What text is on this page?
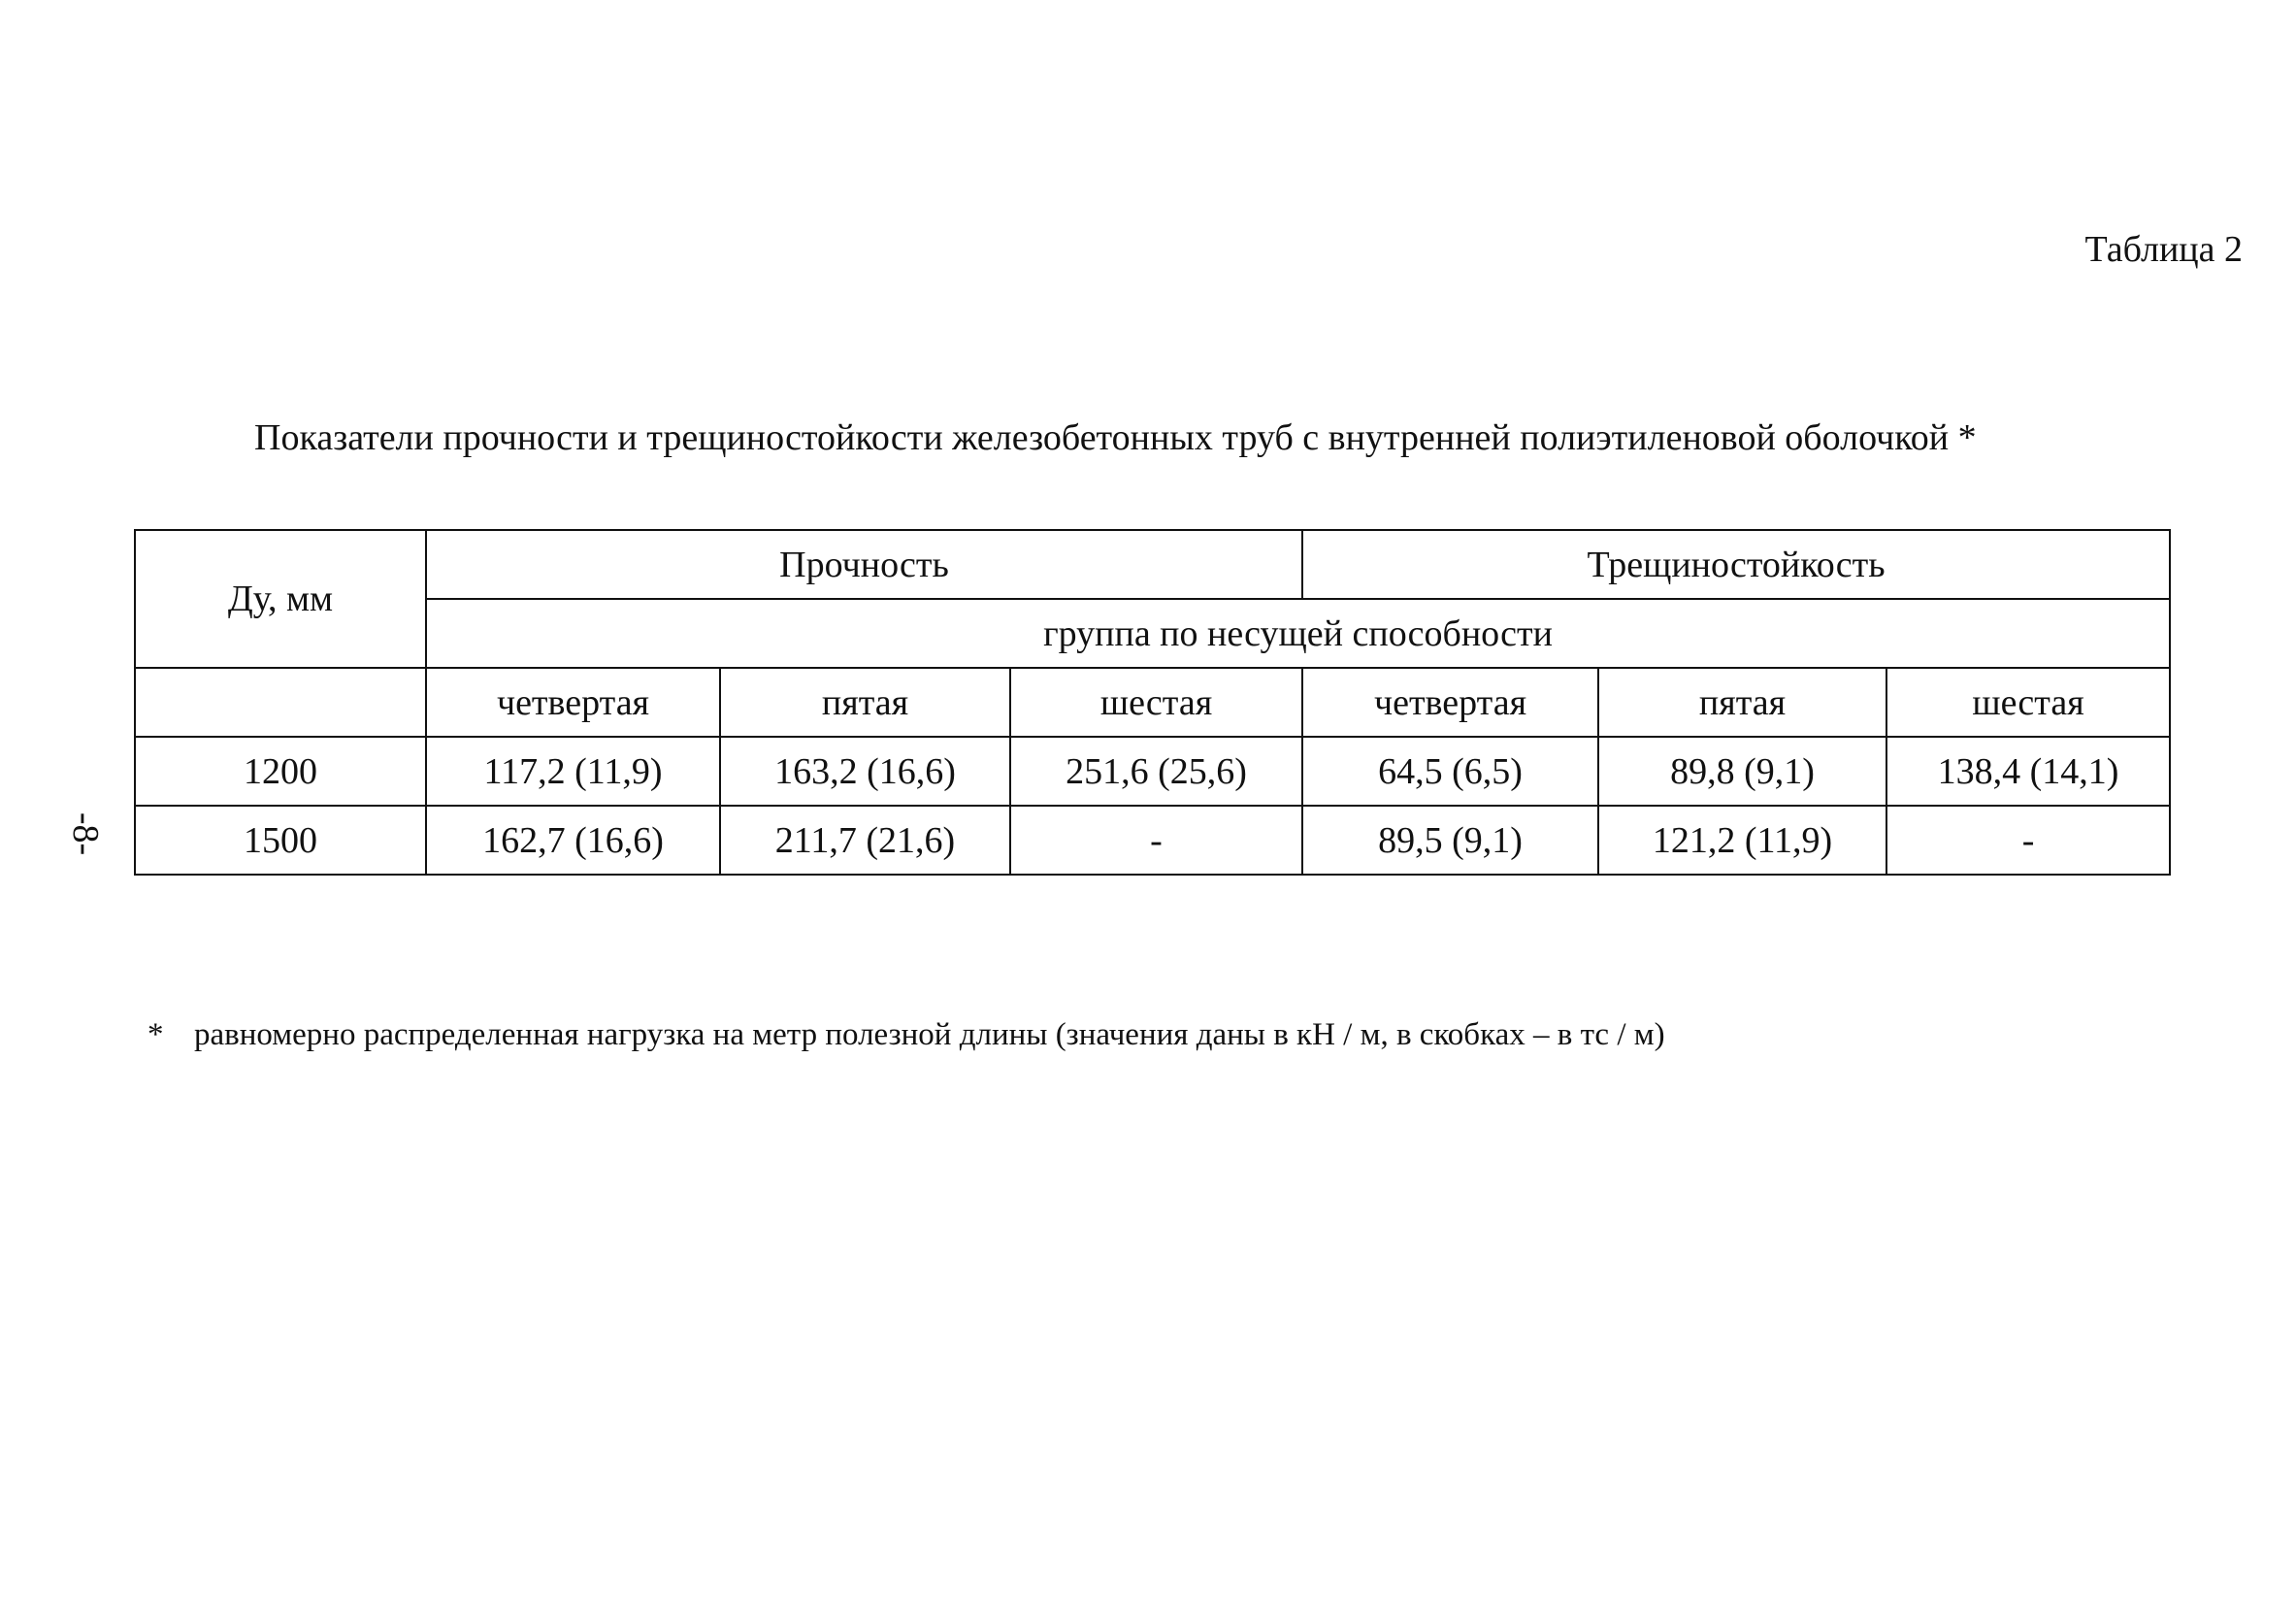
Таблица 2
Показатели прочности и трещиностойкости железобетонных труб с внутренней полиэтиленовой оболочкой *
-8-
Ду, мм	Прочность			Трещиностойкость		
	группа по несущей способности					
	четвертая	пятая	шестая	четвертая	пятая	шестая
1200	117,2 (11,9)	163,2 (16,6)	251,6 (25,6)	64,5 (6,5)	89,8 (9,1)	138,4 (14,1)
1500	162,7 (16,6)	211,7 (21,6)	-	89,5 (9,1)	121,2 (11,9)	-
* равномерно распределенная нагрузка на метр полезной длины (значения даны в кН / м, в скобках – в тс / м)
